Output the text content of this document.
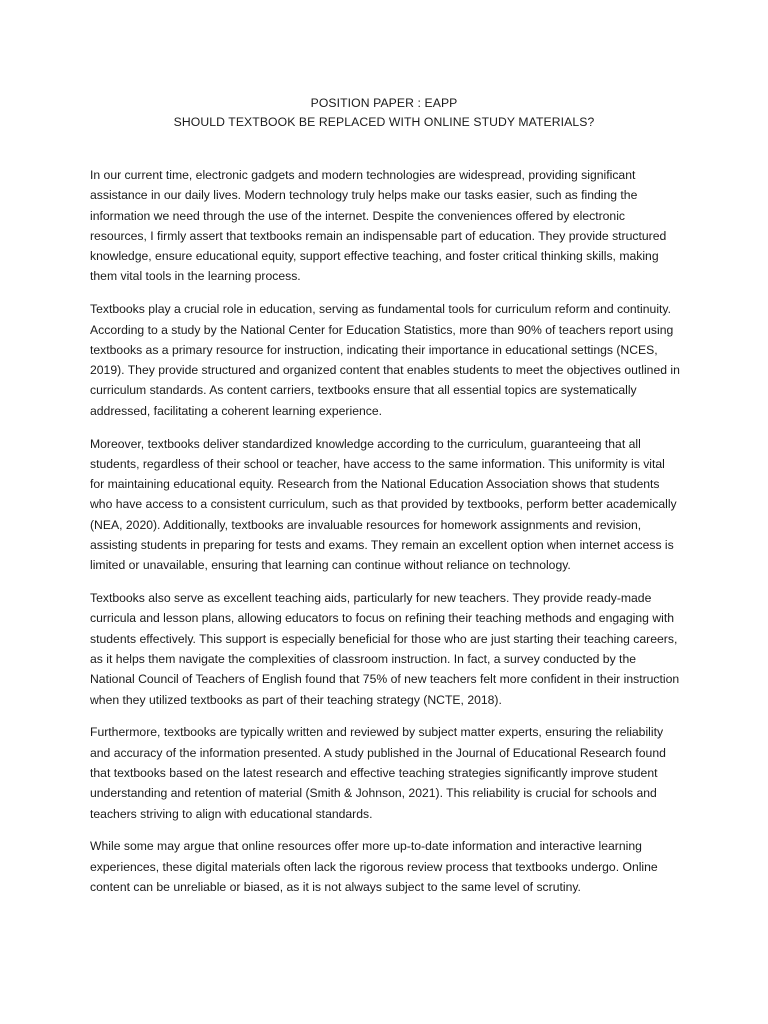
POSITION PAPER : EAPP
SHOULD TEXTBOOK BE REPLACED WITH ONLINE STUDY MATERIALS?

In our current time, electronic gadgets and modern technologies are widespread, providing significant assistance in our daily lives. Modern technology truly helps make our tasks easier, such as finding the information we need through the use of the internet. Despite the conveniences offered by electronic resources, I firmly assert that textbooks remain an indispensable part of education. They provide structured knowledge, ensure educational equity, support effective teaching, and foster critical thinking skills, making them vital tools in the learning process.

Textbooks play a crucial role in education, serving as fundamental tools for curriculum reform and continuity. According to a study by the National Center for Education Statistics, more than 90% of teachers report using textbooks as a primary resource for instruction, indicating their importance in educational settings (NCES, 2019). They provide structured and organized content that enables students to meet the objectives outlined in curriculum standards. As content carriers, textbooks ensure that all essential topics are systematically addressed, facilitating a coherent learning experience.

Moreover, textbooks deliver standardized knowledge according to the curriculum, guaranteeing that all students, regardless of their school or teacher, have access to the same information. This uniformity is vital for maintaining educational equity. Research from the National Education Association shows that students who have access to a consistent curriculum, such as that provided by textbooks, perform better academically (NEA, 2020). Additionally, textbooks are invaluable resources for homework assignments and revision, assisting students in preparing for tests and exams. They remain an excellent option when internet access is limited or unavailable, ensuring that learning can continue without reliance on technology.

Textbooks also serve as excellent teaching aids, particularly for new teachers. They provide ready-made curricula and lesson plans, allowing educators to focus on refining their teaching methods and engaging with students effectively. This support is especially beneficial for those who are just starting their teaching careers, as it helps them navigate the complexities of classroom instruction. In fact, a survey conducted by the National Council of Teachers of English found that 75% of new teachers felt more confident in their instruction when they utilized textbooks as part of their teaching strategy (NCTE, 2018).

Furthermore, textbooks are typically written and reviewed by subject matter experts, ensuring the reliability and accuracy of the information presented. A study published in the Journal of Educational Research found that textbooks based on the latest research and effective teaching strategies significantly improve student understanding and retention of material (Smith & Johnson, 2021). This reliability is crucial for schools and teachers striving to align with educational standards.

While some may argue that online resources offer more up-to-date information and interactive learning experiences, these digital materials often lack the rigorous review process that textbooks undergo. Online content can be unreliable or biased, as it is not always subject to the same level of scrutiny.
